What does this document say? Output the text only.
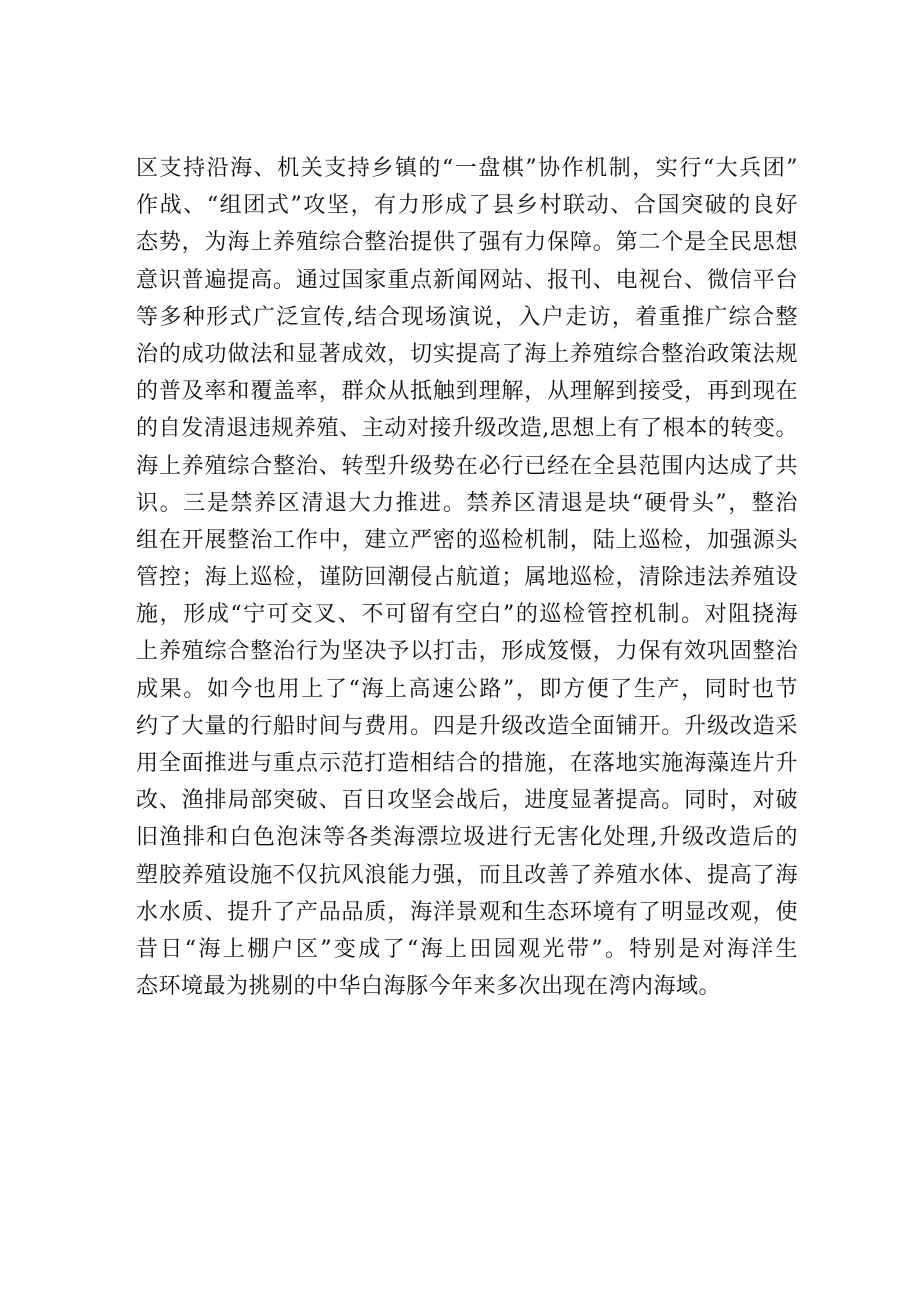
区支持沿海、机关支持乡镇的“一盘棋”协作机制，实行“大兵团”
作战、“组团式”攻坚，有力形成了县乡村联动、合国突破的良好
态势，为海上养殖综合整治提供了强有力保障。第二个是全民思想
意识普遍提高。通过国家重点新闻网站、报刊、电视台、微信平台
等多种形式广泛宣传,结合现场演说，入户走访，着重推广综合整
治的成功做法和显著成效，切实提高了海上养殖综合整治政策法规
的普及率和覆盖率，群众从抵触到理解，从理解到接受，再到现在
的自发清退违规养殖、主动对接升级改造,思想上有了根本的转变。
海上养殖综合整治、转型升级势在必行已经在全县范围内达成了共
识。三是禁养区清退大力推进。禁养区清退是块“硬骨头”，整治
组在开展整治工作中，建立严密的巡检机制，陆上巡检，加强源头
管控；海上巡检，谨防回潮侵占航道；属地巡检，清除违法养殖设
施，形成“宁可交叉、不可留有空白”的巡检管控机制。对阻挠海
上养殖综合整治行为坚决予以打击，形成笈慑，力保有效巩固整治
成果。如今也用上了“海上高速公路”，即方便了生产，同时也节
约了大量的行船时间与费用。四是升级改造全面铺开。升级改造采
用全面推进与重点示范打造相结合的措施，在落地实施海藻连片升
改、渔排局部突破、百日攻坚会战后，进度显著提高。同时，对破
旧渔排和白色泡沫等各类海漂垃圾进行无害化处理,升级改造后的
塑胶养殖设施不仅抗风浪能力强，而且改善了养殖水体、提高了海
水水质、提升了产品品质，海洋景观和生态环境有了明显改观，使
昔日“海上棚户区”变成了“海上田园观光带”。特别是对海洋生
态环境最为挑剔的中华白海豚今年来多次出现在湾内海域。
